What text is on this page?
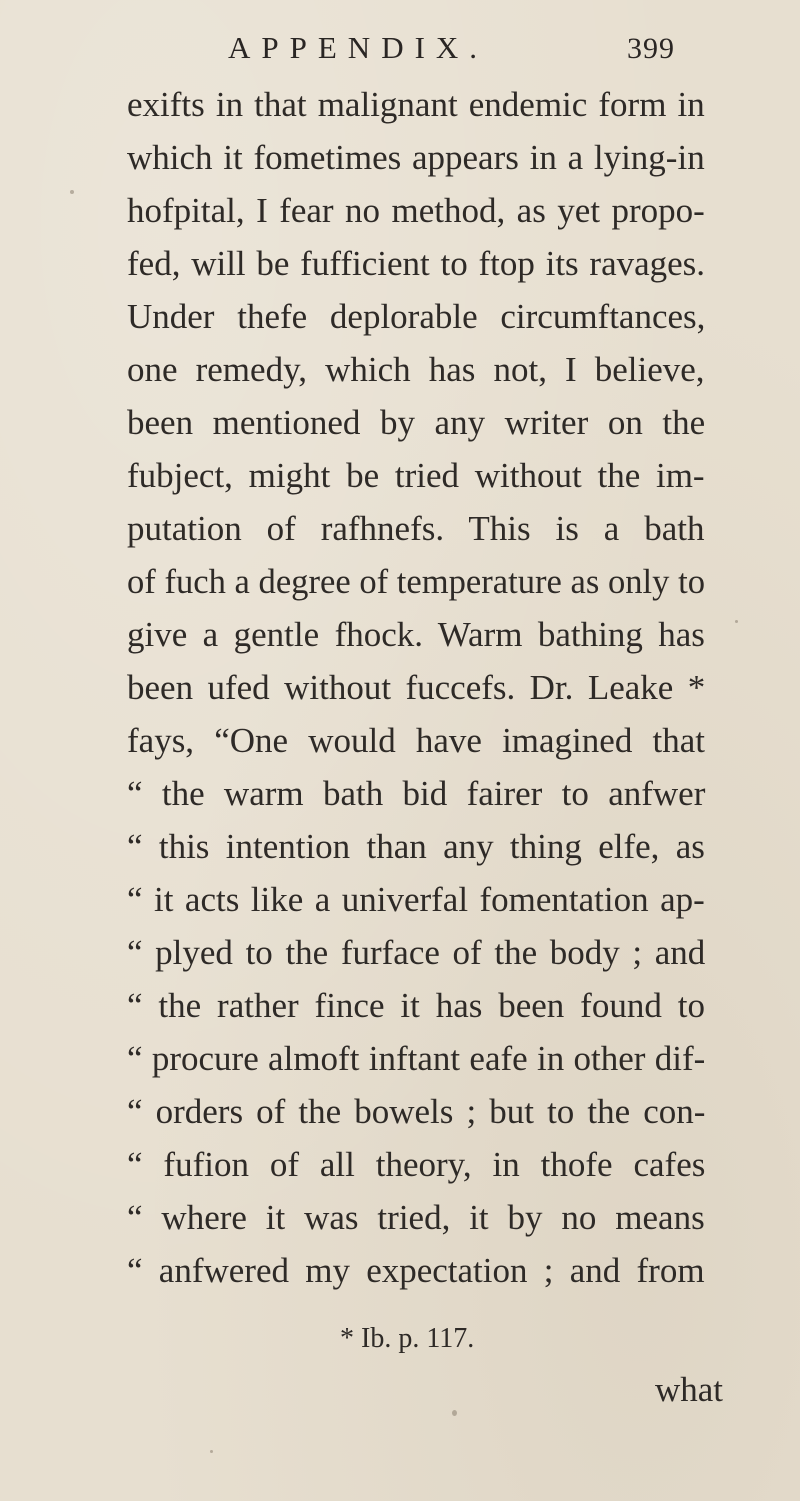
APPENDIX.	399
exifts in that malignant endemic form in
which it fometimes appears in a lying-in
hofpital, I fear no method, as yet propo-
fed, will be fufficient to ftop its ravages.
Under thefe deplorable circumftances,
one remedy, which has not, I believe,
been mentioned by any writer on the
fubject, might be tried without the im-
putation of rafhnefs. This is a bath
of fuch a degree of temperature as only to
give a gentle fhock. Warm bathing has
been ufed without fuccefs. Dr. Leake *
fays, “One would have imagined that
“ the warm bath bid fairer to anfwer
“ this intention than any thing elfe, as
“ it acts like a univerfal fomentation ap-
“ plyed to the furface of the body ; and
“ the rather fince it has been found to
“ procure almoft inftant eafe in other dif-
“ orders of the bowels ; but to the con-
“ fufion of all theory, in thofe cafes
“ where it was tried, it by no means
“ anfwered my expectation ; and from
* Ib. p. 117.
what
